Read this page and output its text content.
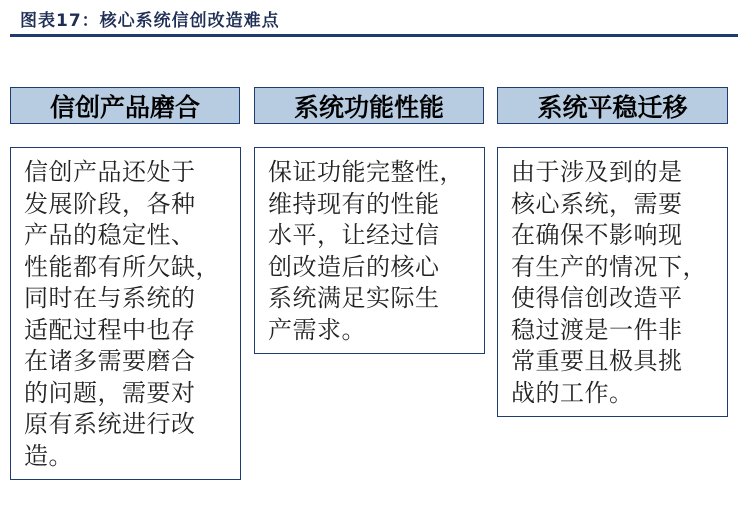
图表17：核心系统信创改造难点
信创产品磨合	系统功能性能	系统平稳迁移
信创产品还处于
发展阶段，各种
产品的稳定性、
性能都有所欠缺，
同时在与系统的
适配过程中也存
在诸多需要磨合
的问题，需要对
原有系统进行改
造。
保证功能完整性，
维持现有的性能
水平，让经过信
创改造后的核心
系统满足实际生
产需求。
由于涉及到的是
核心系统，需要
在确保不影响现
有生产的情况下，
使得信创改造平
稳过渡是一件非
常重要且极具挑
战的工作。
